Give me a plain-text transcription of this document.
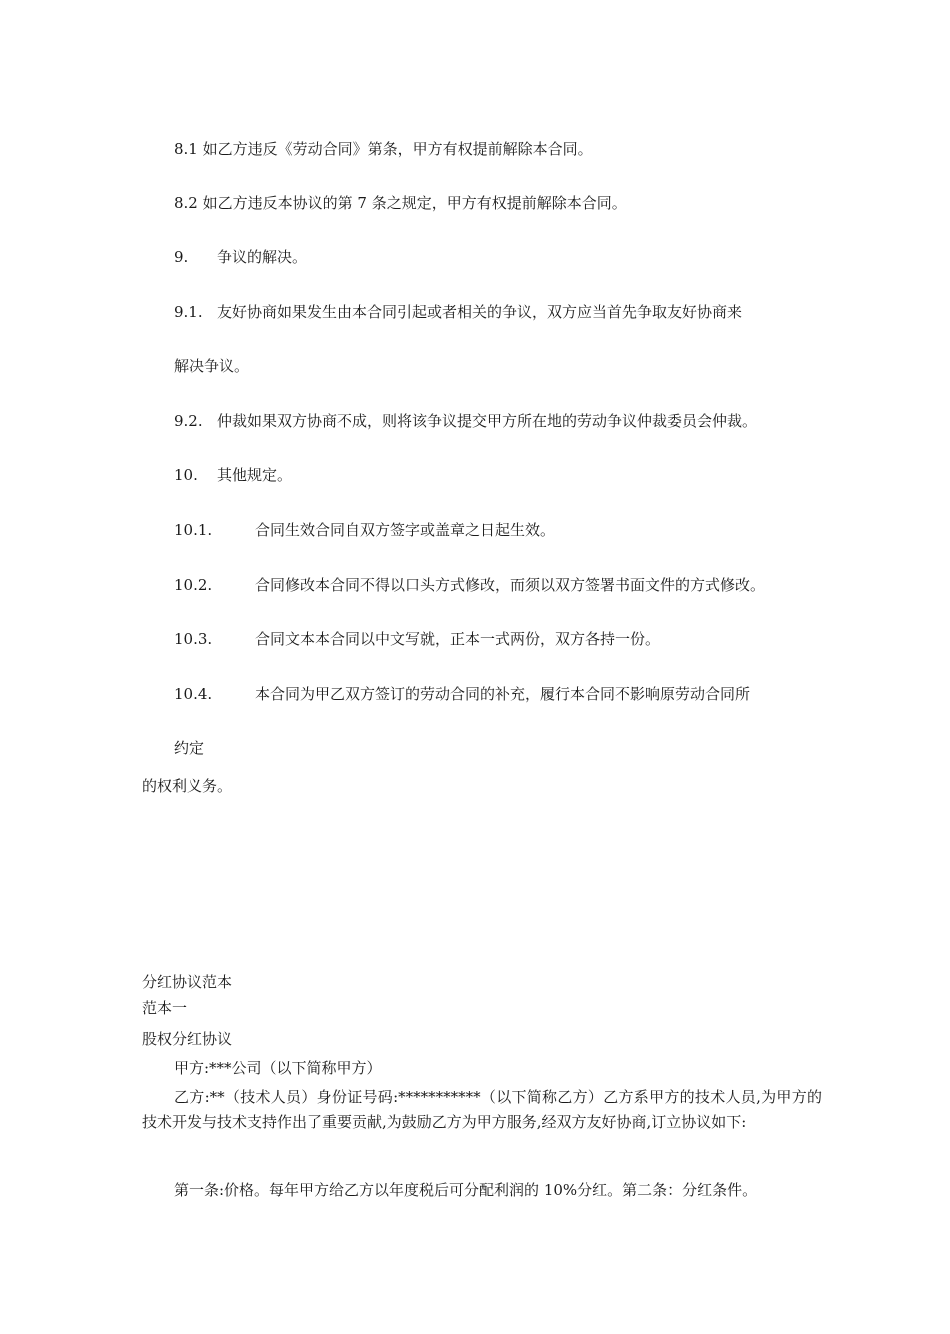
8.1 如乙方违反《劳动合同》第条，甲方有权提前解除本合同。
8.2 如乙方违反本协议的第 7 条之规定，甲方有权提前解除本合同。
9. 争议的解决。
9.1. 友好协商如果发生由本合同引起或者相关的争议，双方应当首先争取友好协商来
解决争议。
9.2. 仲裁如果双方协商不成，则将该争议提交甲方所在地的劳动争议仲裁委员会仲裁。
10. 其他规定。
10.1.	合同生效合同自双方签字或盖章之日起生效。
10.2.	合同修改本合同不得以口头方式修改，而须以双方签署书面文件的方式修改。
10.3.	合同文本本合同以中文写就，正本一式两份，双方各持一份。
10.4.	本合同为甲乙双方签订的劳动合同的补充，履行本合同不影响原劳动合同所
约定
的权利义务。
分红协议范本
范本一
股权分红协议
甲方:***公司（以下简称甲方）
乙方:**（技术人员）身份证号码:***********（以下简称乙方）乙方系甲方的技术人员,为甲方的技术开发与技术支持作出了重要贡献,为鼓励乙方为甲方服务,经双方友好协商,订立协议如下:
第一条:价格。每年甲方给乙方以年度税后可分配利润的 10%分红。第二条：分红条件。
